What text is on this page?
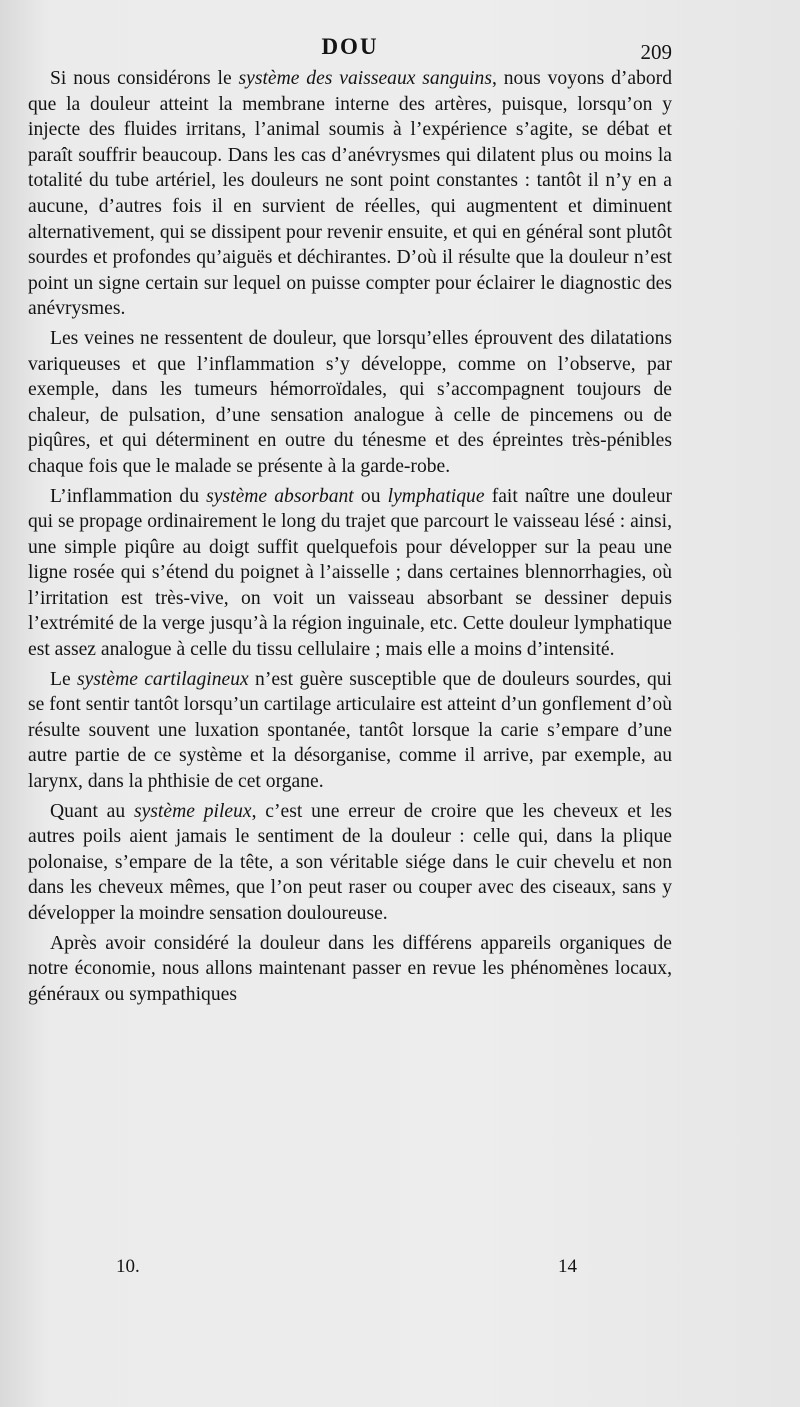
DOU	209

Si nous considérons le système des vaisseaux sanguins, nous voyons d’abord que la douleur atteint la membrane interne des artères, puisque, lorsqu’on y injecte des fluides irritans, l’animal soumis à l’expérience s’agite, se débat et paraît souffrir beaucoup. Dans les cas d’anévrysmes qui dilatent plus ou moins la totalité du tube artériel, les douleurs ne sont point constantes : tantôt il n’y en a aucune, d’autres fois il en survient de réelles, qui augmentent et diminuent alternativement, qui se dissipent pour revenir ensuite, et qui en général sont plutôt sourdes et profondes qu’aiguës et déchirantes. D’où il résulte que la douleur n’est point un signe certain sur lequel on puisse compter pour éclairer le diagnostic des anévrysmes.

Les veines ne ressentent de douleur, que lorsqu’elles éprouvent des dilatations variqueuses et que l’inflammation s’y développe, comme on l’observe, par exemple, dans les tumeurs hémorroïdales, qui s’accompagnent toujours de chaleur, de pulsation, d’une sensation analogue à celle de pincemens ou de piqûres, et qui déterminent en outre du ténesme et des épreintes très-pénibles chaque fois que le malade se présente à la garde-robe.

L’inflammation du système absorbant ou lymphatique fait naître une douleur qui se propage ordinairement le long du trajet que parcourt le vaisseau lésé : ainsi, une simple piqûre au doigt suffit quelquefois pour développer sur la peau une ligne rosée qui s’étend du poignet à l’aisselle ; dans certaines blennorrhagies, où l’irritation est très-vive, on voit un vaisseau absorbant se dessiner depuis l’extrémité de la verge jusqu’à la région inguinale, etc. Cette douleur lymphatique est assez analogue à celle du tissu cellulaire ; mais elle a moins d’intensité.

Le système cartilagineux n’est guère susceptible que de douleurs sourdes, qui se font sentir tantôt lorsqu’un cartilage articulaire est atteint d’un gonflement d’où résulte souvent une luxation spontanée, tantôt lorsque la carie s’empare d’une autre partie de ce système et la désorganise, comme il arrive, par exemple, au larynx, dans la phthisie de cet organe.

Quant au système pileux, c’est une erreur de croire que les cheveux et les autres poils aient jamais le sentiment de la douleur : celle qui, dans la plique polonaise, s’empare de la tête, a son véritable siége dans le cuir chevelu et non dans les cheveux mêmes, que l’on peut raser ou couper avec des ciseaux, sans y développer la moindre sensation douloureuse.

Après avoir considéré la douleur dans les différens appareils organiques de notre économie, nous allons maintenant passer en revue les phénomènes locaux, généraux ou sympathiques

10.	14
